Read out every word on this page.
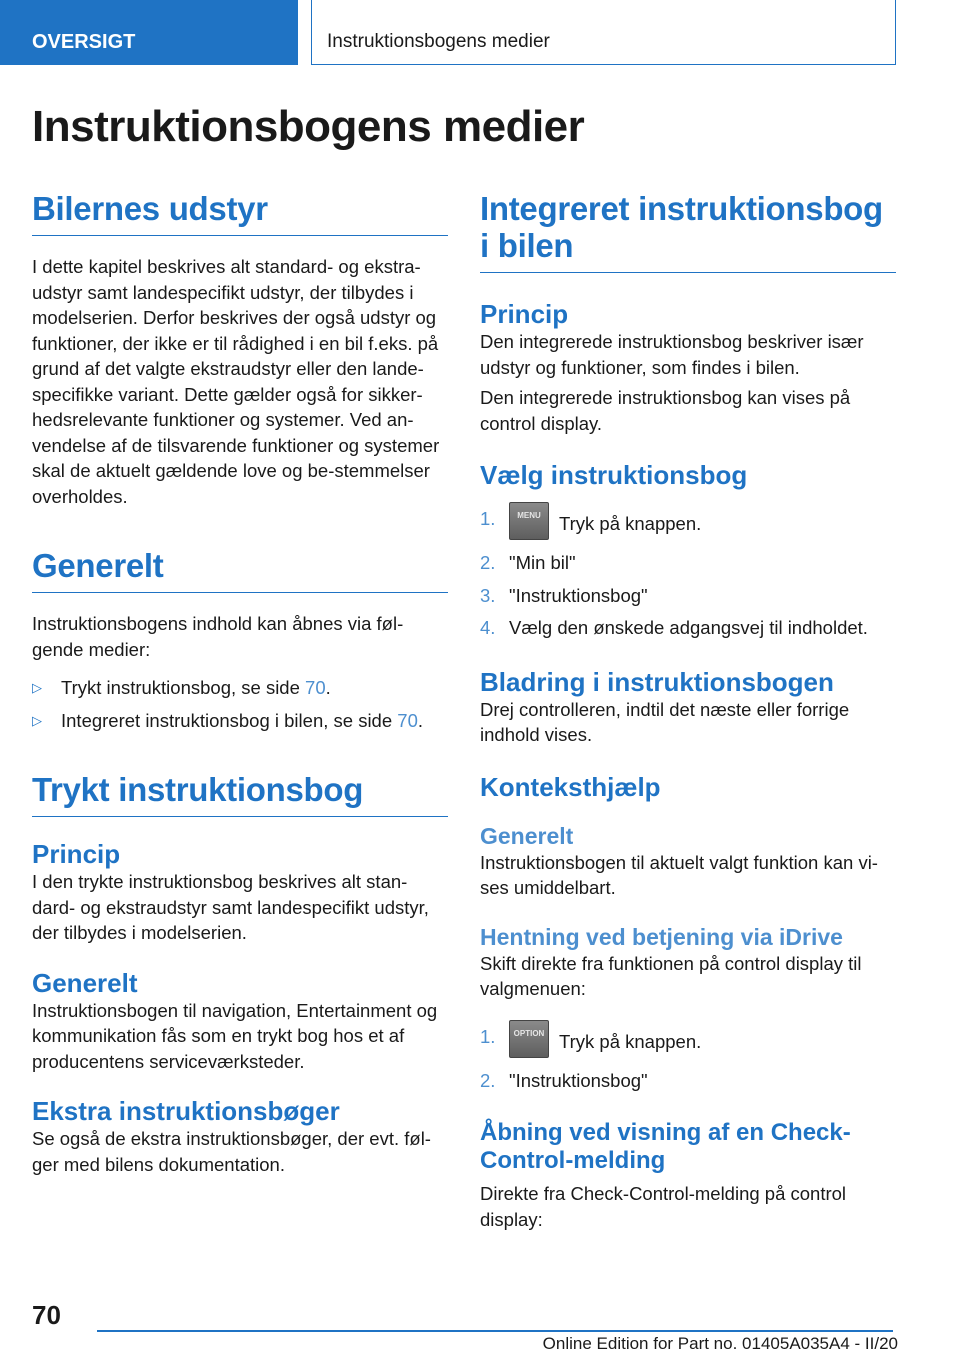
OVERSIGT	Instruktionsbogens medier
Instruktionsbogens medier
Bilernes udstyr
I dette kapitel beskrives alt standard- og ekstra-udstyr samt landespecifikt udstyr, der tilbydes i modelserien. Derfor beskrives der også udstyr og funktioner, der ikke er til rådighed i en bil f.eks. på grund af det valgte ekstraudstyr eller den lande-specifikke variant. Dette gælder også for sikker-hedsrelevante funktioner og systemer. Ved an-vendelse af de tilsvarende funktioner og systemer skal de aktuelt gældende love og be-stemmelser overholdes.
Generelt
Instruktionsbogens indhold kan åbnes via føl-gende medier:
▷ Trykt instruktionsbog, se side 70.
▷ Integreret instruktionsbog i bilen, se side 70.
Trykt instruktionsbog
Princip
I den trykte instruktionsbog beskrives alt stan-dard- og ekstraudstyr samt landespecifikt udstyr, der tilbydes i modelserien.
Generelt
Instruktionsbogen til navigation, Entertainment og kommunikation fås som en trykt bog hos et af producentens serviceværksteder.
Ekstra instruktionsbøger
Se også de ekstra instruktionsbøger, der evt. føl-ger med bilens dokumentation.
Integreret instruktionsbog i bilen
Princip
Den integrerede instruktionsbog beskriver især udstyr og funktioner, som findes i bilen.
Den integrerede instruktionsbog kan vises på control display.
Vælg instruktionsbog
1.	MENU Tryk på knappen.
2. "Min bil"
3. "Instruktionsbog"
4. Vælg den ønskede adgangsvej til indholdet.
Bladring i instruktionsbogen
Drej controlleren, indtil det næste eller forrige indhold vises.
Konteksthjælp
Generelt
Instruktionsbogen til aktuelt valgt funktion kan vi-ses umiddelbart.
Hentning ved betjening via iDrive
Skift direkte fra funktionen på control display til valgmenuen:
1. OPTION Tryk på knappen.
2. "Instruktionsbog"
Åbning ved visning af en Check-Control-melding
Direkte fra Check-Control-melding på control display:
70
Online Edition for Part no. 01405A035A4 - II/20
